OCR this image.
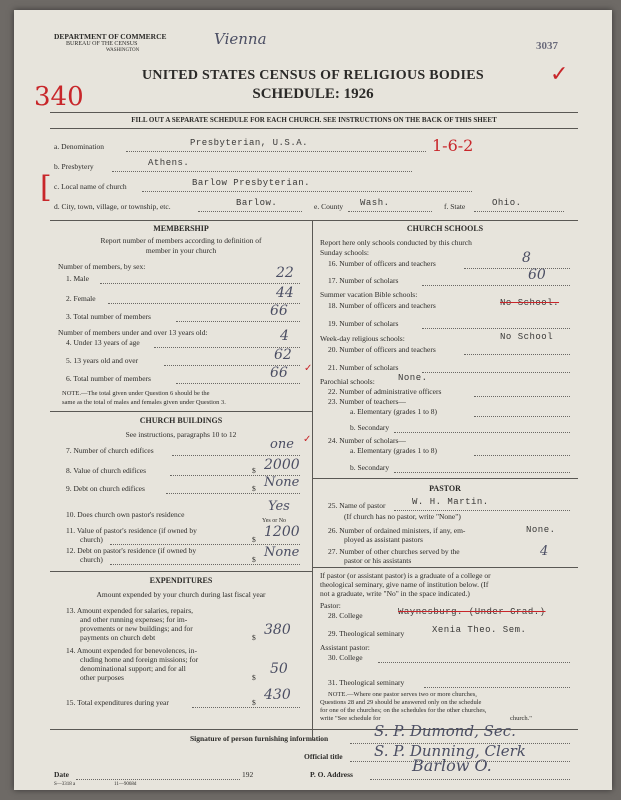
DEPARTMENT OF COMMERCE
BUREAU OF THE CENSUS
WASHINGTON
Vienna	3037
340
✓
UNITED STATES CENSUS OF RELIGIOUS BODIES
SCHEDULE: 1926
FILL OUT A SEPARATE SCHEDULE FOR EACH CHURCH. SEE INSTRUCTIONS ON THE BACK OF THIS SHEET
a. Denomination	Presbyterian, U.S.A.	1-6-2
b. Presbytery	Athens.
[ c. Local name of church	Barlow Presbyterian.
d. City, town, village, or township, etc.	Barlow.	e. County Wash.	f. State	Ohio.
MEMBERSHIP
Report number of members according to definition of
member in your church
Number of members, by sex:
1. Male	22
2. Female	44
3. Total number of members	66
Number of members under and over 13 years old:
4. Under 13 years of age	4
5. 13 years old and over	62
6. Total number of members	66
NOTE.—The total given under Question 6 should be the
same as the total of males and females given under Question 3.
CHURCH BUILDINGS
See instructions, paragraphs 10 to 12
7. Number of church edifices	one
8. Value of church edifices	$ 2000
9. Debt on church edifices	$ None
10. Does church own pastor's residence
Yes or No
Yes
11. Value of pastor's residence (if owned by
church)	$ 1200
12. Debt on pastor's residence (if owned by
church)	$ None
EXPENDITURES
Amount expended by your church during last fiscal year
13. Amount expended for salaries, repairs,
and other running expenses; for im-
provements or new buildings; and for
payments on church debt	$ 380
14. Amount expended for benevolences, in-
cluding home and foreign missions; for
denominational support; and for all
other purposes	$
50
15. Total expenditures during year	$ 430
CHURCH SCHOOLS
Report here only schools conducted by this church
Sunday schools:
16. Number of officers and teachers	8
17. Number of scholars	60
Summer vacation Bible schools:
18. Number of officers and teachers	No School.
19. Number of scholars
Week-day religious schools:	No School
20. Number of officers and teachers
21. Number of scholars
Parochial schools:	None.
22. Number of administrative officers
23. Number of teachers—
a. Elementary (grades 1 to 8)
b. Secondary
24. Number of scholars—
a. Elementary (grades 1 to 8)
b. Secondary
PASTOR
25. Name of pastor	W. H. Martin.
(If church has no pastor, write "None")
26. Number of ordained ministers, if any, em-
ployed as assistant pastors
None.
27. Number of other churches served by the
pastor or his assistants
4
If pastor (or assistant pastor) is a graduate of a college or
theological seminary, give name of institution below. (If
not a graduate, write "No" in the space indicated.)
Pastor:
28. College	Waynesburg. (Under Grad.)
29. Theological seminary	Xenia Theo. Sem.
Assistant pastor:
30. College
31. Theological seminary
NOTE.—Where one pastor serves two or more churches,
Questions 28 and 29 should be answered only on the schedule
for one of the churches; on the schedules for the other churches,
write "See schedule for	church."
Signature of person furnishing information	S. P. Dumond, Sec.
Official title S. P. Dunning, Clerk
Date	192	P. O. Address	Barlow O.
S—3318 a	11—9068d
✓
✓
